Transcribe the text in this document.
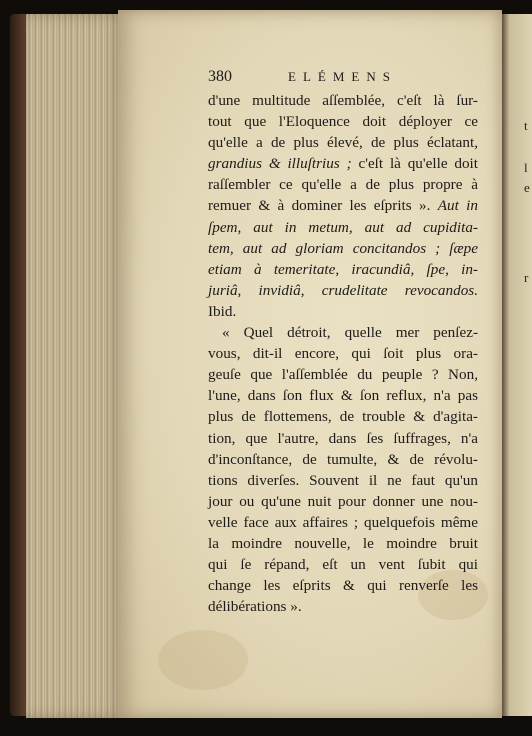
t
l
e
r
380	ELÉMENS
d'une multitude aſſemblée, c'eſt là ſur-
tout que l'Eloquence doit déployer ce
qu'elle a de plus élevé, de plus éclatant,
grandius & illuſtrius ; c'eſt là qu'elle doit
raſſembler ce qu'elle a de plus propre à
remuer & à dominer les eſprits ». Aut in
ſpem, aut in metum, aut ad cupidita-
tem, aut ad gloriam concitandos ; ſæpe
etiam à temeritate, iracundiâ, ſpe, in-
juriâ, invidiâ, crudelitate revocandos.
Ibid.
« Quel détroit, quelle mer penſez-
vous, dit-il encore, qui ſoit plus ora-
geuſe que l'aſſemblée du peuple ? Non,
l'une, dans ſon flux & ſon reflux, n'a pas
plus de flottemens, de trouble & d'agita-
tion, que l'autre, dans ſes ſuffrages, n'a
d'inconſtance, de tumulte, & de révolu-
tions diverſes. Souvent il ne faut qu'un
jour ou qu'une nuit pour donner une nou-
velle face aux affaires ; quelquefois même
la moindre nouvelle, le moindre bruit
qui ſe répand, eſt un vent ſubit qui
change les eſprits & qui renverſe les
délibérations ».
